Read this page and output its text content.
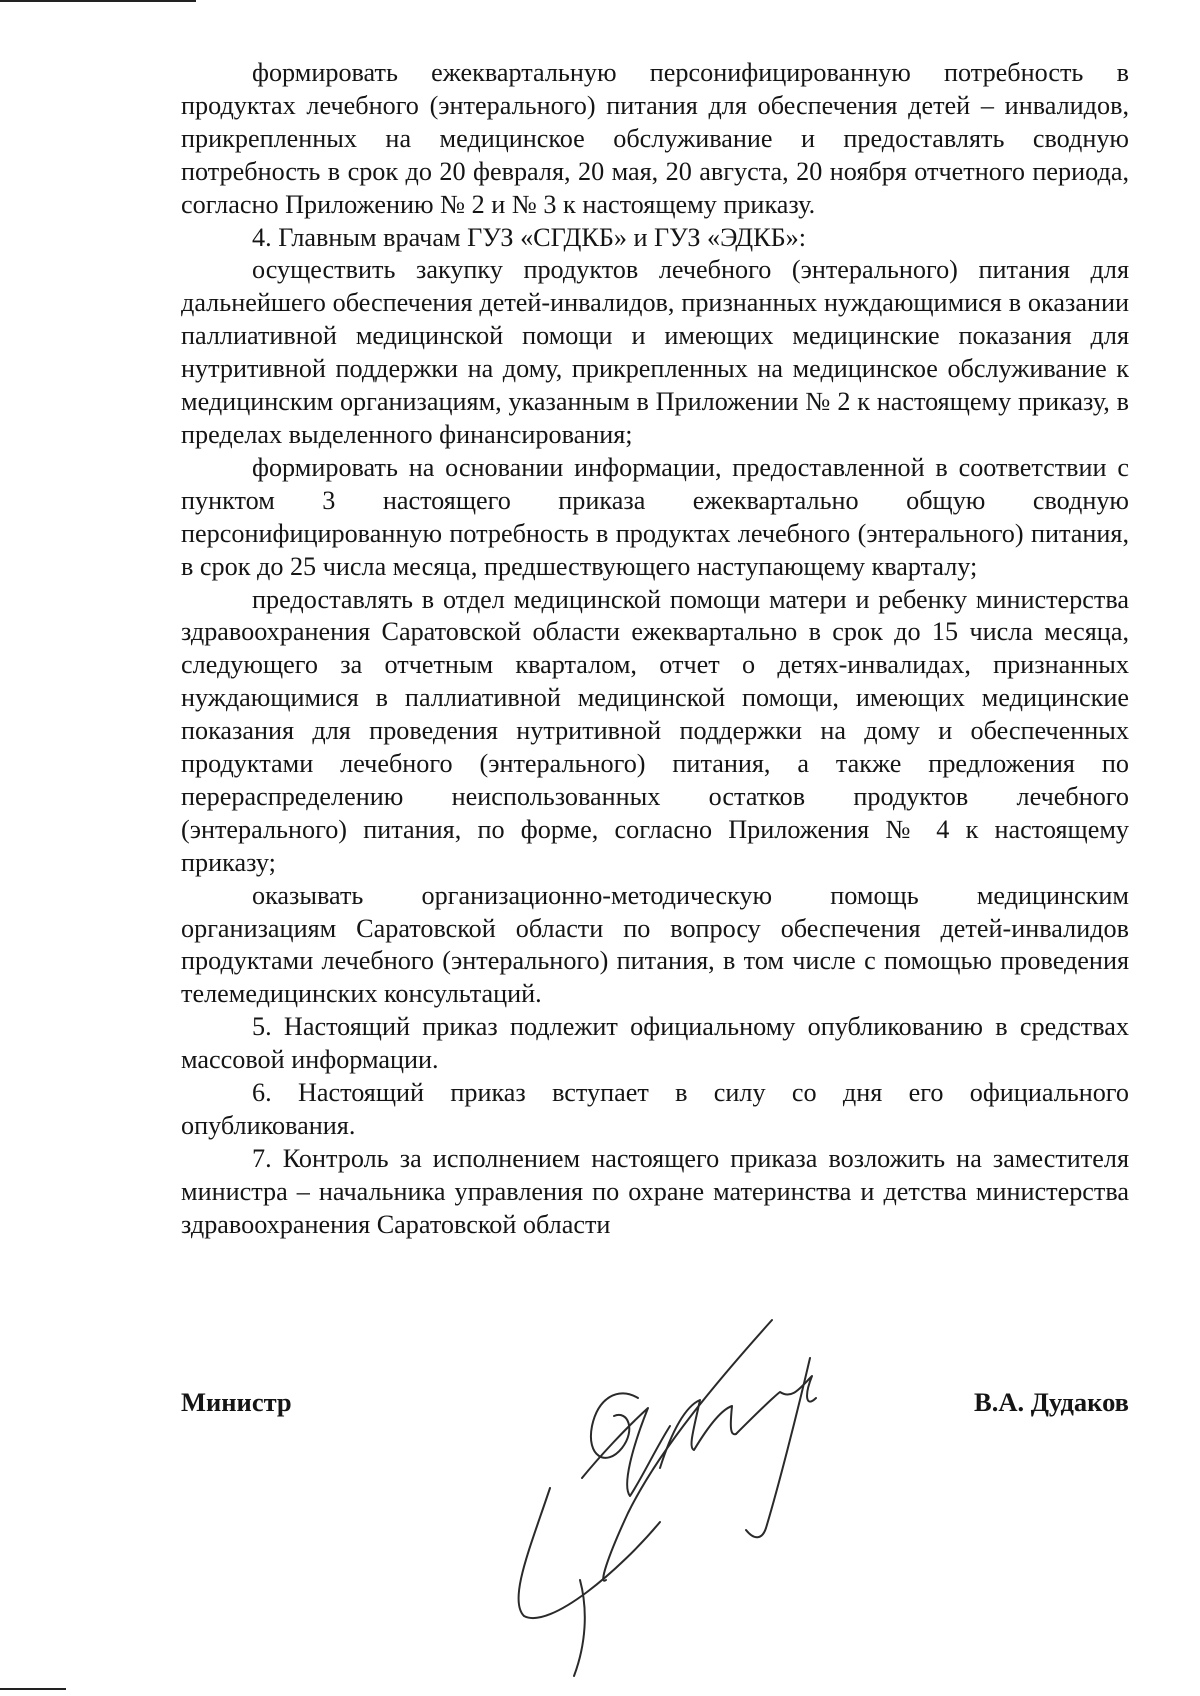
формировать ежеквартальную персонифицированную потребность в продуктах лечебного (энтерального) питания для обеспечения детей – инвалидов, прикрепленных на медицинское обслуживание и предоставлять сводную потребность в срок до 20 февраля, 20 мая, 20 августа, 20 ноября отчетного периода, согласно Приложению № 2 и № 3 к настоящему приказу.

4. Главным врачам ГУЗ «СГДКБ» и ГУЗ «ЭДКБ»:

осуществить закупку продуктов лечебного (энтерального) питания для дальнейшего обеспечения детей-инвалидов, признанных нуждающимися в оказании паллиативной медицинской помощи и имеющих медицинские показания для нутритивной поддержки на дому, прикрепленных на медицинское обслуживание к медицинским организациям, указанным в Приложении № 2 к настоящему приказу, в пределах выделенного финансирования;

формировать на основании информации, предоставленной в соответствии с пунктом 3 настоящего приказа ежеквартально общую сводную персонифицированную потребность в продуктах лечебного (энтерального) питания, в срок до 25 числа месяца, предшествующего наступающему кварталу;

предоставлять в отдел медицинской помощи матери и ребенку министерства здравоохранения Саратовской области ежеквартально в срок до 15 числа месяца, следующего за отчетным кварталом, отчет о детях-инвалидах, признанных нуждающимися в паллиативной медицинской помощи, имеющих медицинские показания для проведения нутритивной поддержки на дому и обеспеченных продуктами лечебного (энтерального) питания, а также предложения по перераспределению неиспользованных остатков продуктов лечебного (энтерального) питания, по форме, согласно Приложения № 4 к настоящему приказу;

оказывать организационно-методическую помощь медицинским организациям Саратовской области по вопросу обеспечения детей-инвалидов продуктами лечебного (энтерального) питания, в том числе с помощью проведения телемедицинских консультаций.

5. Настоящий приказ подлежит официальному опубликованию в средствах массовой информации.

6. Настоящий приказ вступает в силу со дня его официального опубликования.

7. Контроль за исполнением настоящего приказа возложить на заместителя министра – начальника управления по охране материнства и детства министерства здравоохранения Саратовской области

Министр	В.А. Дудаков
